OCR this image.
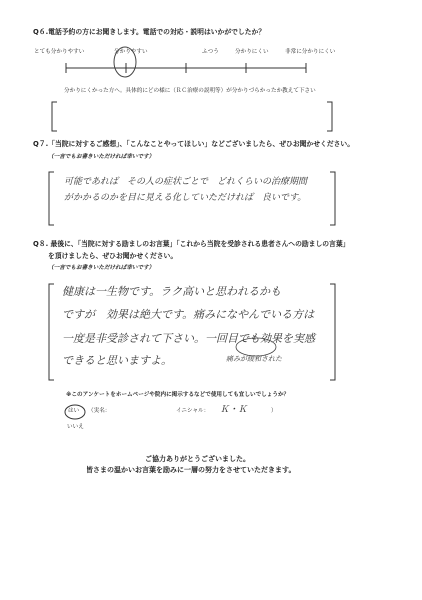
Q６.電話予約の方にお聞きします。電話での対応・説明はいかがでしたか？
とても分かりやすい	分かりやすい	ふつう	分かりにくい	非常に分かりにくい
分かりにくかった方へ。具体的にどの様に（ＲＣ治療の説明等）が分かりづらかったか教えて下さい
Q７.「当院に対するご感想」、「こんなことやってほしい」などございましたら、ぜひお聞かせください。
（一言でもお書きいただければ幸いです）
可能であれば　その人の症状ごとで　どれくらいの治療期間
がかかるのかを目に見える化していただければ　良いです。
Q８. 最後に、「当院に対する励ましのお言葉」「これから当院を受診される患者さんへの励ましの言葉」
を頂けましたら、ぜひお聞かせください。
（一言でもお書きいただければ幸いです）
健康は一生物です。ラク高いと思われるかも
ですが　効果は絶大です。痛みになやんでいる方は
一度是非受診されて下さい。一回目でも効果を実感
できると思いますよ。	痛みが緩和された
※このアンケートをホームページや院内に掲示するなどで使用しても宜しいでしょうか？
はい
いいえ
（実名：	イニシャル： Ｋ・Ｋ	）
ご協力ありがとうございました。
皆さまの温かいお言葉を励みに一層の努力をさせていただきます。
